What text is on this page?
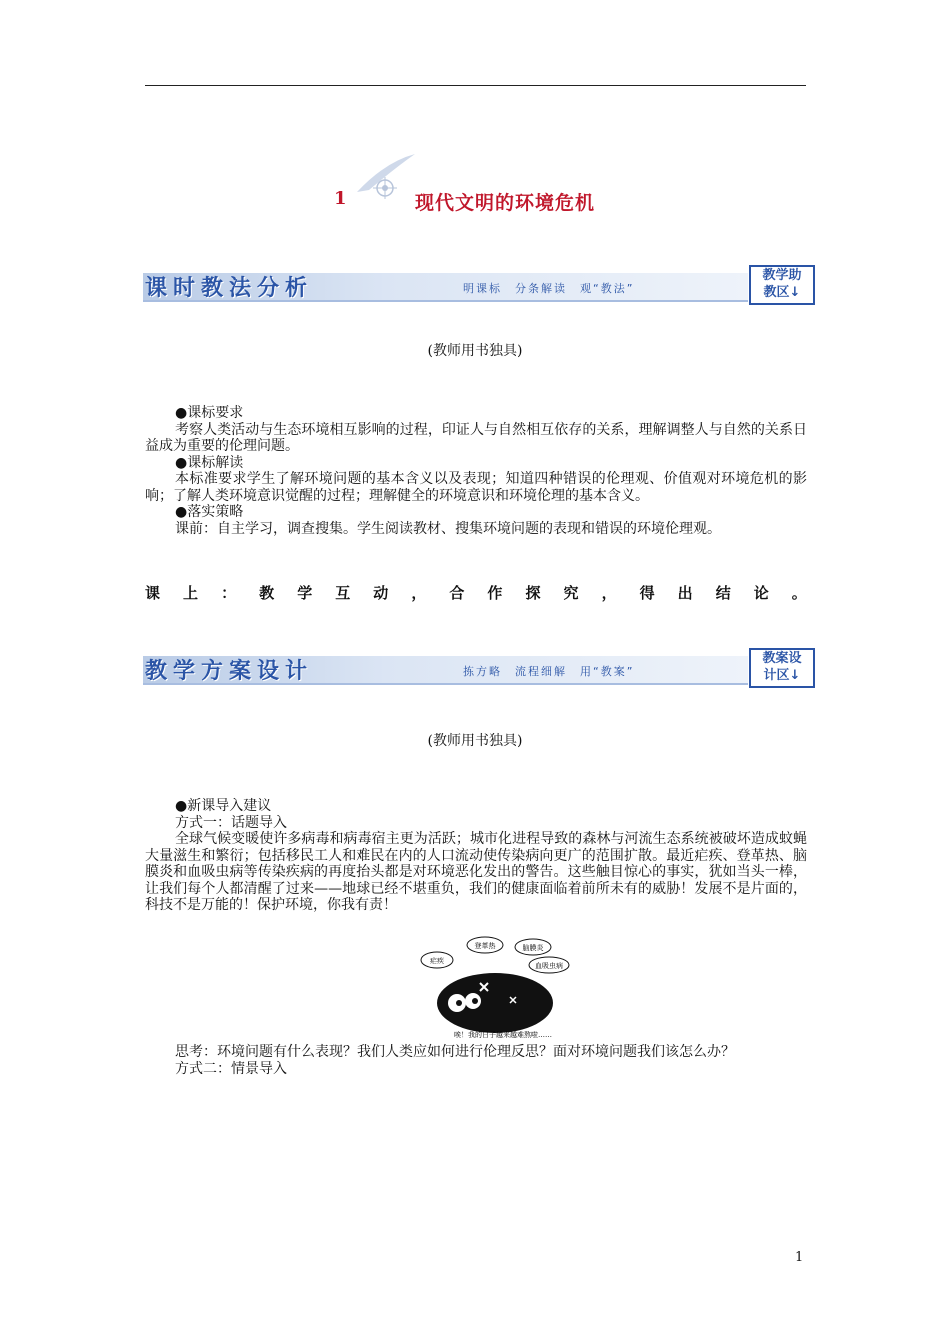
1	现代文明的环境危机
课时教法分析	明课标　分条解读　观“教法”
教学助
教区↓
(教师用书独具)
●课标要求
考察人类活动与生态环境相互影响的过程，印证人与自然相互依存的关系，理解调整人与自然的关系日益成为重要的伦理问题。
●课标解读
本标准要求学生了解环境问题的基本含义以及表现；知道四种错误的伦理观、价值观对环境危机的影响；了解人类环境意识觉醒的过程；理解健全的环境意识和环境伦理的基本含义。
●落实策略
课前：自主学习，调查搜集。学生阅读教材、搜集环境问题的表现和错误的环境伦理观。
课 上 ： 教 学 互 动 ， 合 作 探 究 ， 得 出 结 论 。
教学方案设计	拣方略　流程细解　用“教案”
教案设
计区↓
(教师用书独具)
●新课导入建议
方式一：话题导入
全球气候变暖使许多病毒和病毒宿主更为活跃；城市化进程导致的森林与河流生态系统被破坏造成蚊蝇大量滋生和繁衍；包括移民工人和难民在内的人口流动使传染病向更广的范围扩散。最近疟疾、登革热、脑膜炎和血吸虫病等传染疾病的再度抬头都是对环境恶化发出的警告。这些触目惊心的事实，犹如当头一棒，让我们每个人都清醒了过来——地球已经不堪重负，我们的健康面临着前所未有的威胁！发展不是片面的，科技不是万能的！保护环境，你我有责！
疟疾
登革热	脑膜炎
血吸虫病
唉！我的日子越来越难熬啦……
思考：环境问题有什么表现？我们人类应如何进行伦理反思？面对环境问题我们该怎么办？
方式二：情景导入
1
